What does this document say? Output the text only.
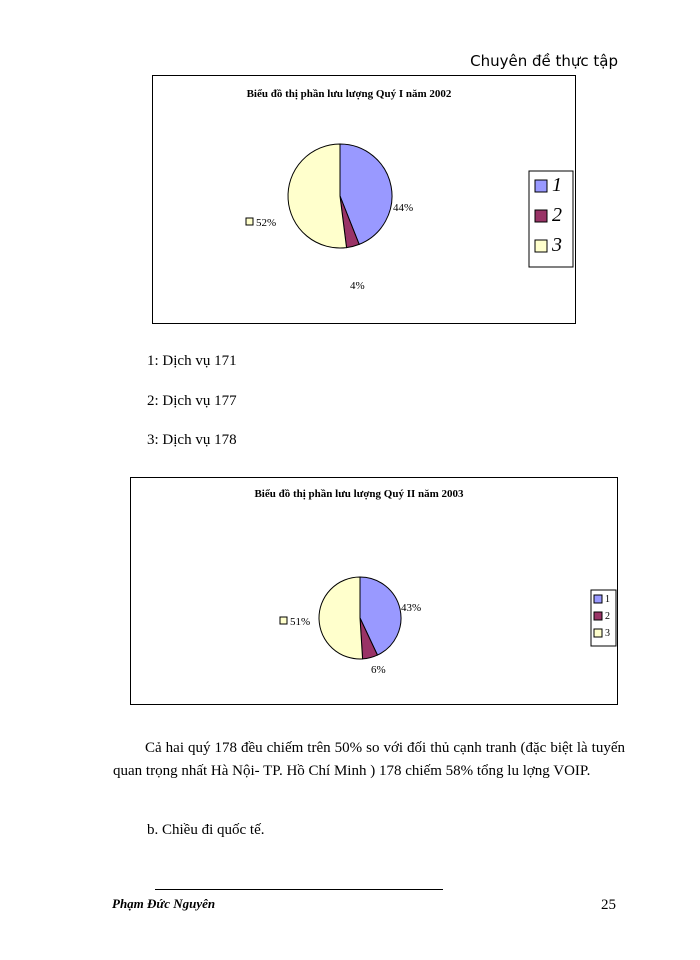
Chuyên đề thực tập
44%
4%
52%
1
2
3
Biểu đồ thị phần lưu lượng Quý I năm 2002
1: Dịch vụ 171
2: Dịch vụ 177
3: Dịch vụ 178
43%
6%
51%
1
2
3
Biểu đồ thị phần lưu lượng Quý II năm 2003
Cả hai quý 178 đều chiếm trên 50% so với đối thủ cạnh tranh (đặc biệt là tuyến quan trọng nhất Hà Nội- TP. Hồ Chí Minh ) 178 chiếm 58% tổng lu lợng VOIP.
b. Chiều đi quốc tế.
Phạm Đức Nguyên	25
